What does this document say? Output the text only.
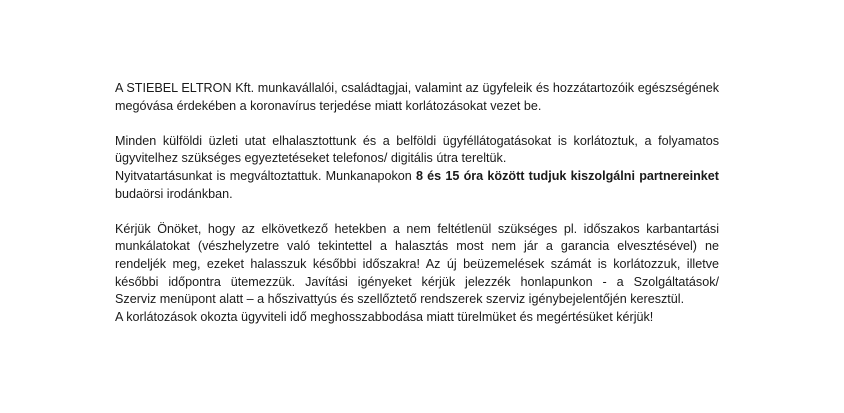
A STIEBEL ELTRON Kft. munkavállalói, családtagjai, valamint az ügyfeleik és hozzátartozóik egészségének megóvása érdekében a koronavírus terjedése miatt korlátozásokat vezet be.

Minden külföldi üzleti utat elhalasztottunk és a belföldi ügyféllátogatásokat is korlátoztuk, a folyamatos ügyvitelhez szükséges egyeztetéseket telefonos/ digitális útra tereltük.

Nyitvatartásunkat is megváltoztattuk. Munkanapokon 8 és 15 óra között tudjuk kiszolgálni partnereinket budaörsi irodánkban.

Kérjük Önöket, hogy az elkövetkező hetekben a nem feltétlenül szükséges pl. időszakos karbantartási munkálatokat (vészhelyzetre való tekintettel a halasztás most nem jár a garancia elvesztésével) ne rendeljék meg, ezeket halasszuk későbbi időszakra! Az új beüzemelések számát is korlátozzuk, illetve későbbi időpontra ütemezzük. Javítási igényeket kérjük jelezzék honlapunkon - a Szolgáltatások/

Szerviz menüpont alatt – a hőszivattyús és szellőztető rendszerek szerviz igénybejelentőjén keresztül.

A korlátozások okozta ügyviteli idő meghosszabbodása miatt türelmüket és megértésüket kérjük!
